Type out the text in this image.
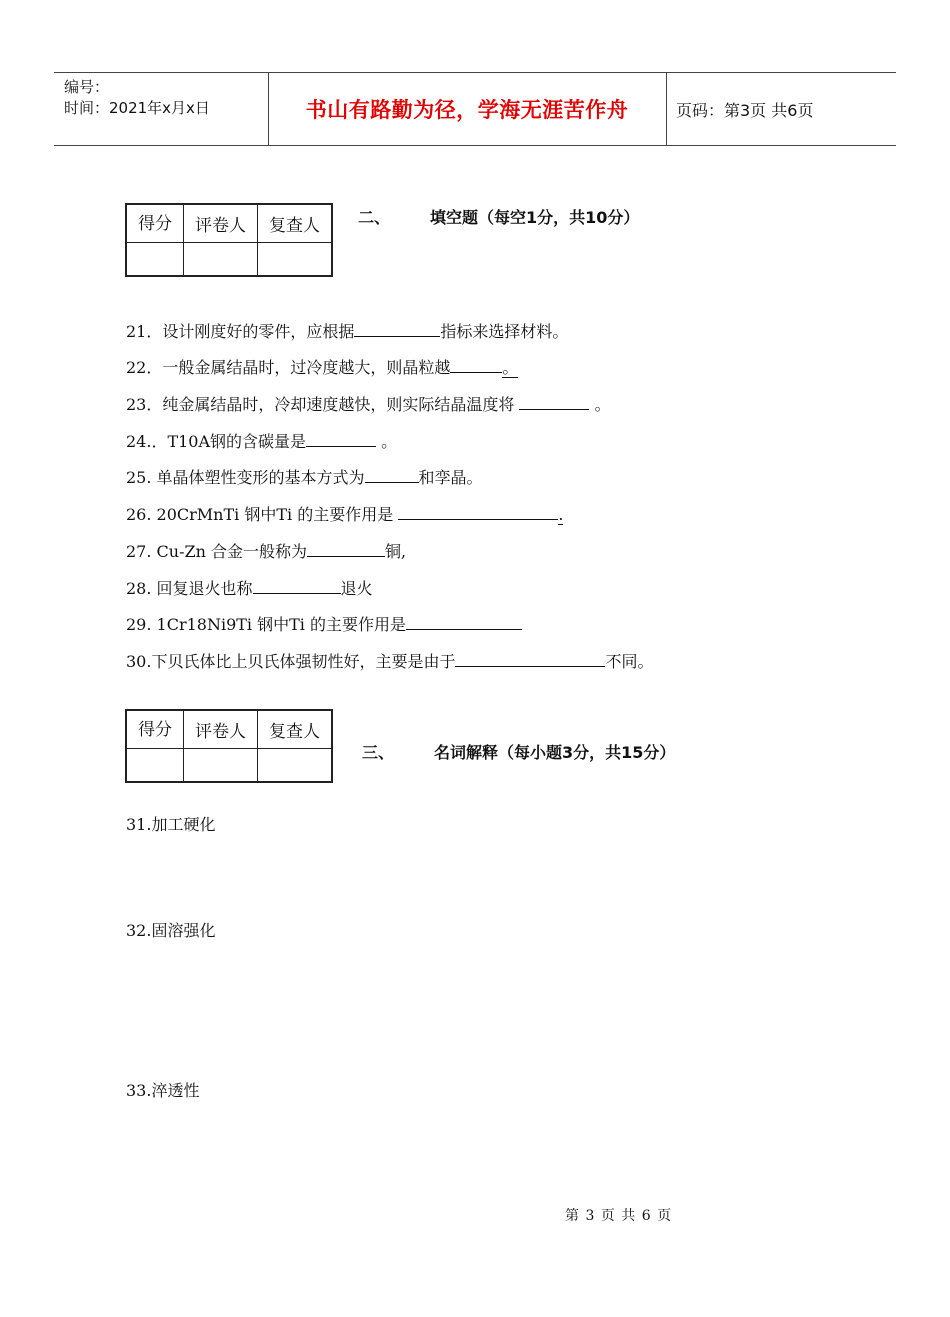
编号：
时间：2021年x月x日	书山有路勤为径，学海无涯苦作舟	页码：第3页 共6页
得分	评卷人	复查人
		二、 填空题（每空1分，共10分）
21．设计刚度好的零件，应根据	指标来选择材料。
22．一般金属结晶时，过冷度越大，则晶粒越	。
23．纯金属结晶时，冷却速度越快，则实际结晶温度将	。
24.．T10A钢的含碳量是	。
25. 单晶体塑性变形的基本方式为	和孪晶。
26. 20CrMnTi 钢中Ti 的主要作用是	.
27. Cu-Zn 合金一般称为	铜,
28. 回复退火也称	退火
29. 1Cr18Ni9Ti 钢中Ti 的主要作用是
30.下贝氏体比上贝氏体强韧性好，主要是由于	不同。
得分	评卷人	复查人

三、 名词解释（每小题3分，共15分）
31.加工硬化
32.固溶强化
33.淬透性
第 3 页 共 6 页
